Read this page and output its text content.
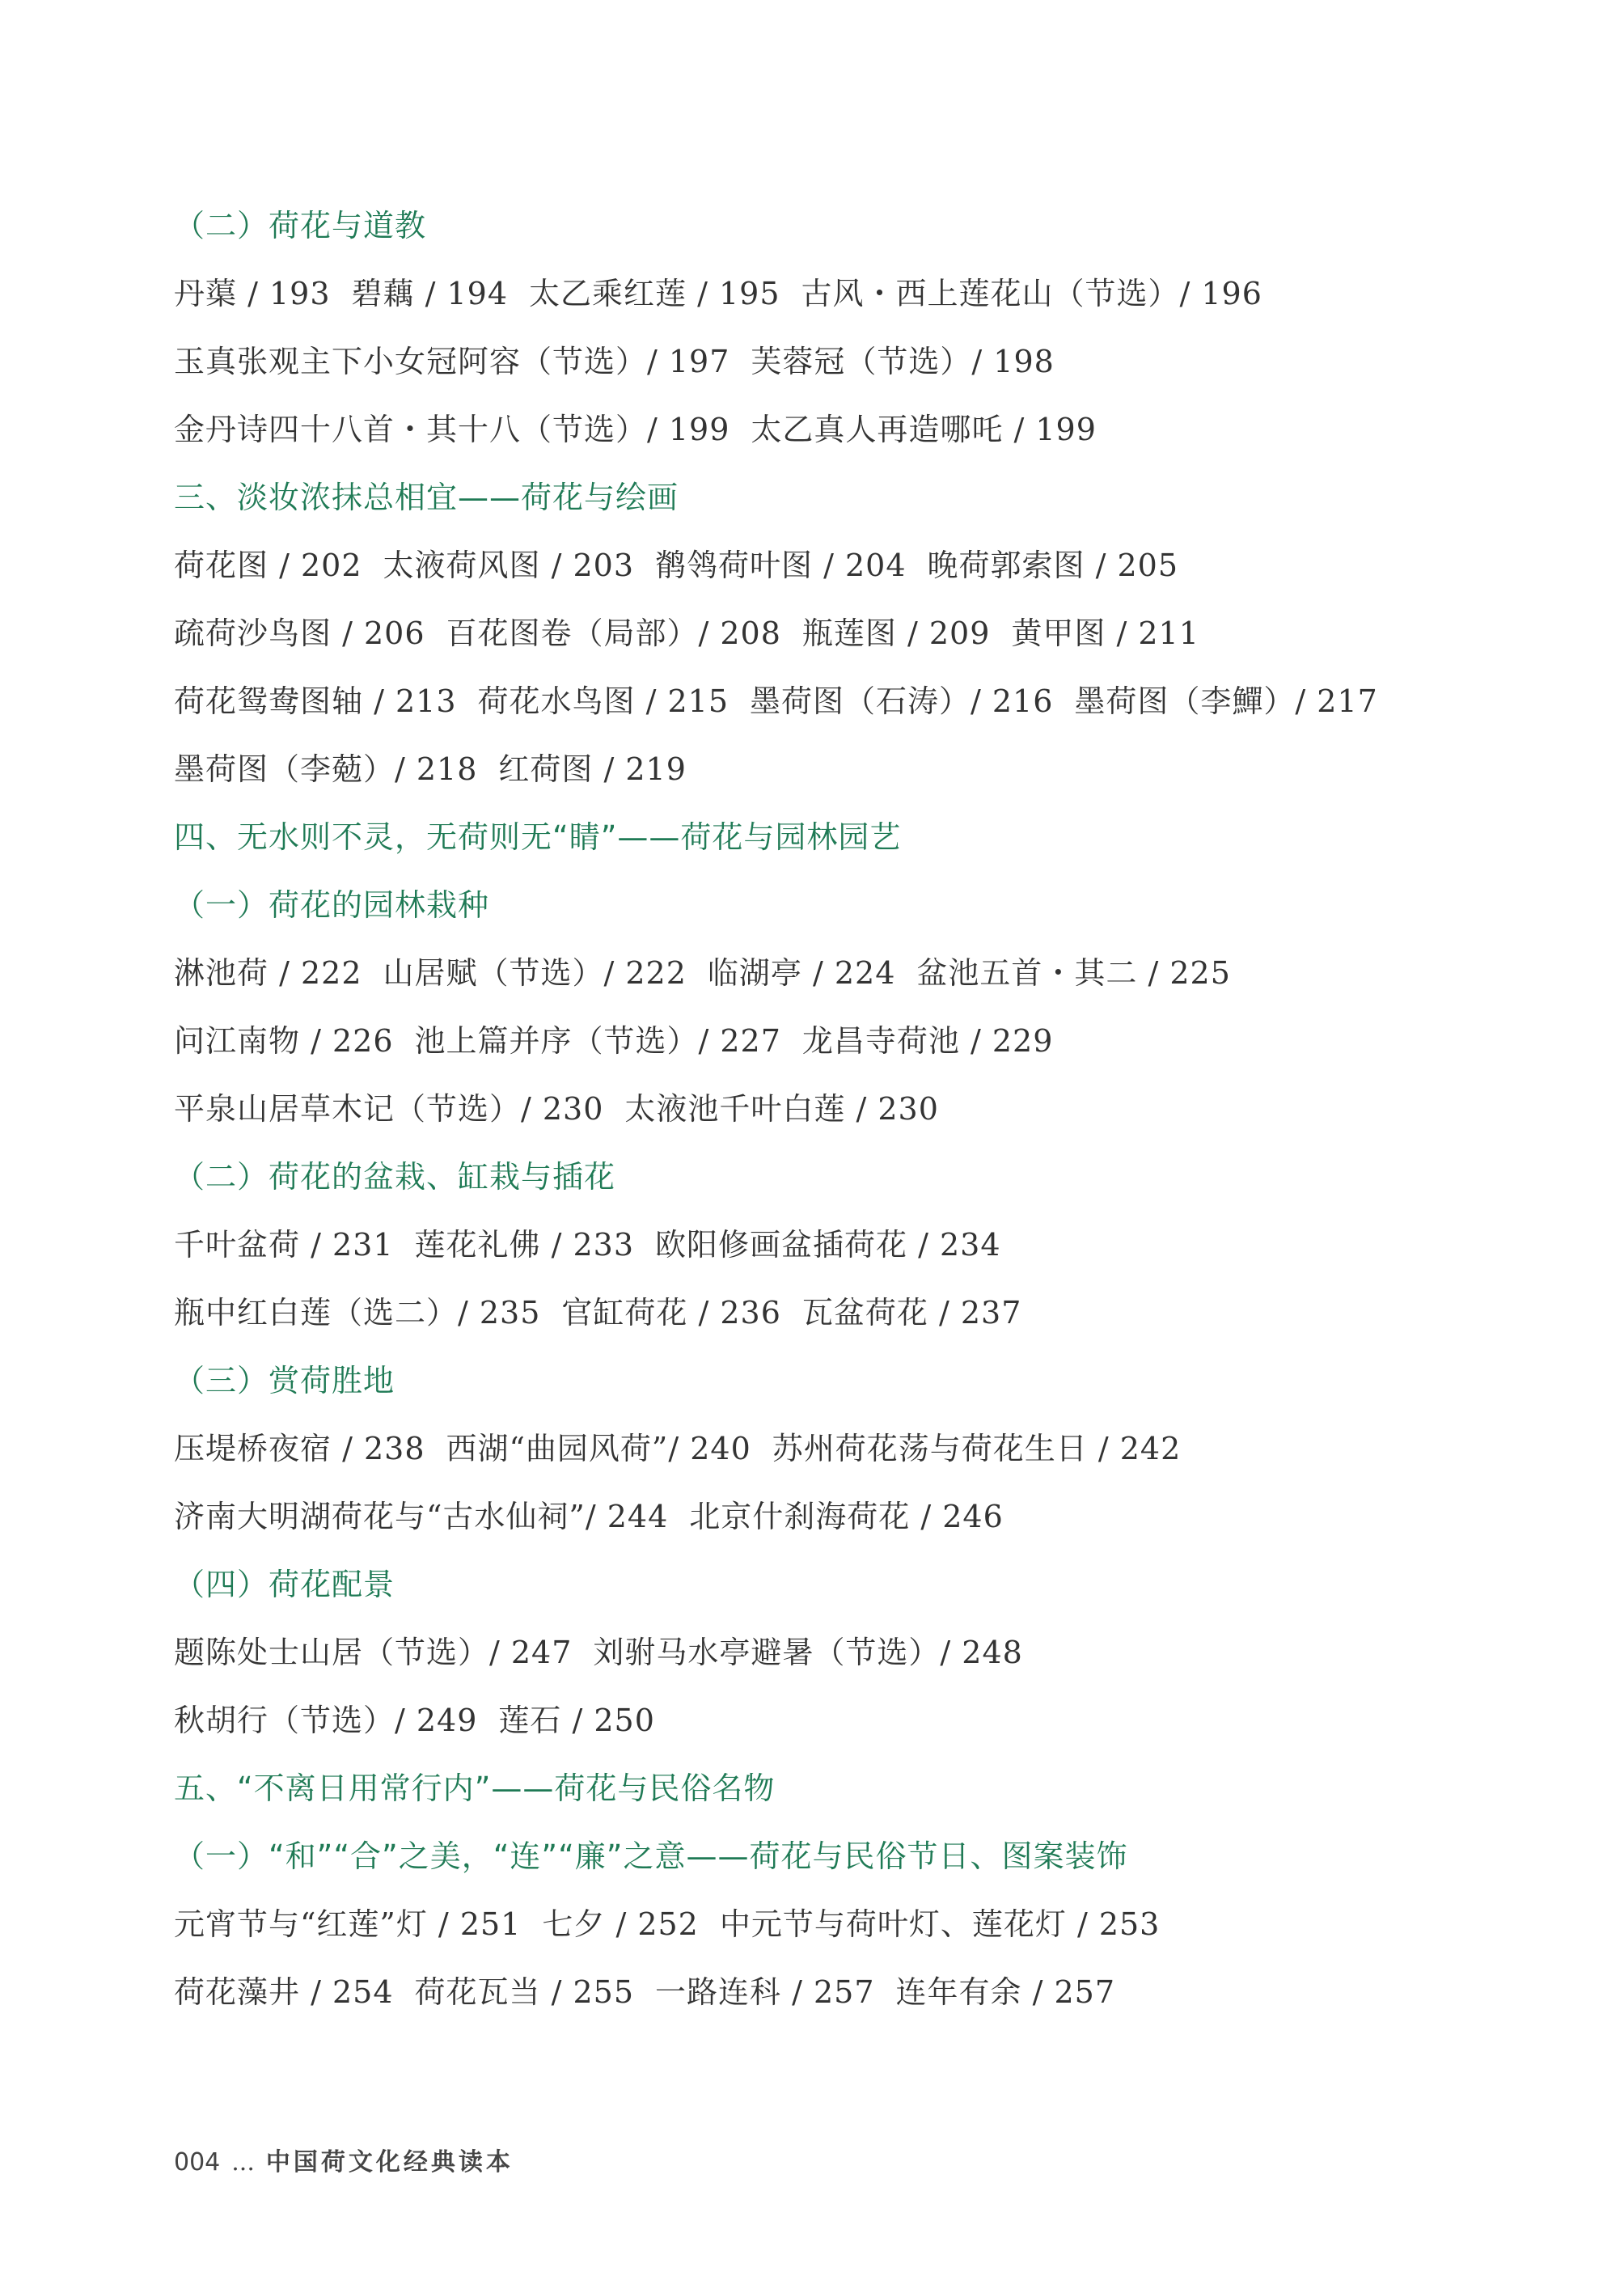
（二）荷花与道教
丹蕖 / 193 碧藕 / 194 太乙乘红莲 / 195 古风・西上莲花山（节选）/ 196
玉真张观主下小女冠阿容（节选）/ 197 芙蓉冠（节选）/ 198
金丹诗四十八首・其十八（节选）/ 199 太乙真人再造哪吒 / 199
三、淡妆浓抹总相宜——荷花与绘画
荷花图 / 202 太液荷风图 / 203 鹡鸰荷叶图 / 204 晚荷郭索图 / 205
疏荷沙鸟图 / 206 百花图卷（局部）/ 208 瓶莲图 / 209 黄甲图 / 211
荷花鸳鸯图轴 / 213 荷花水鸟图 / 215 墨荷图（石涛）/ 216 墨荷图（李鱓）/ 217
墨荷图（李葂）/ 218 红荷图 / 219
四、无水则不灵，无荷则无“睛”——荷花与园林园艺
（一）荷花的园林栽种
淋池荷 / 222 山居赋（节选）/ 222 临湖亭 / 224 盆池五首・其二 / 225
问江南物 / 226 池上篇并序（节选）/ 227 龙昌寺荷池 / 229
平泉山居草木记（节选）/ 230 太液池千叶白莲 / 230
（二）荷花的盆栽、缸栽与插花
千叶盆荷 / 231 莲花礼佛 / 233 欧阳修画盆插荷花 / 234
瓶中红白莲（选二）/ 235 官缸荷花 / 236 瓦盆荷花 / 237
（三）赏荷胜地
压堤桥夜宿 / 238 西湖“曲园风荷”/ 240 苏州荷花荡与荷花生日 / 242
济南大明湖荷花与“古水仙祠”/ 244 北京什刹海荷花 / 246
（四）荷花配景
题陈处士山居（节选）/ 247 刘驸马水亭避暑（节选）/ 248
秋胡行（节选）/ 249 莲石 / 250
五、“不离日用常行内”——荷花与民俗名物
（一）“和”“合”之美，“连”“廉”之意——荷花与民俗节日、图案装饰
元宵节与“红莲”灯 / 251 七夕 / 252 中元节与荷叶灯、莲花灯 / 253
荷花藻井 / 254 荷花瓦当 / 255 一路连科 / 257 连年有余 / 257
004 ... 中国荷文化经典读本
